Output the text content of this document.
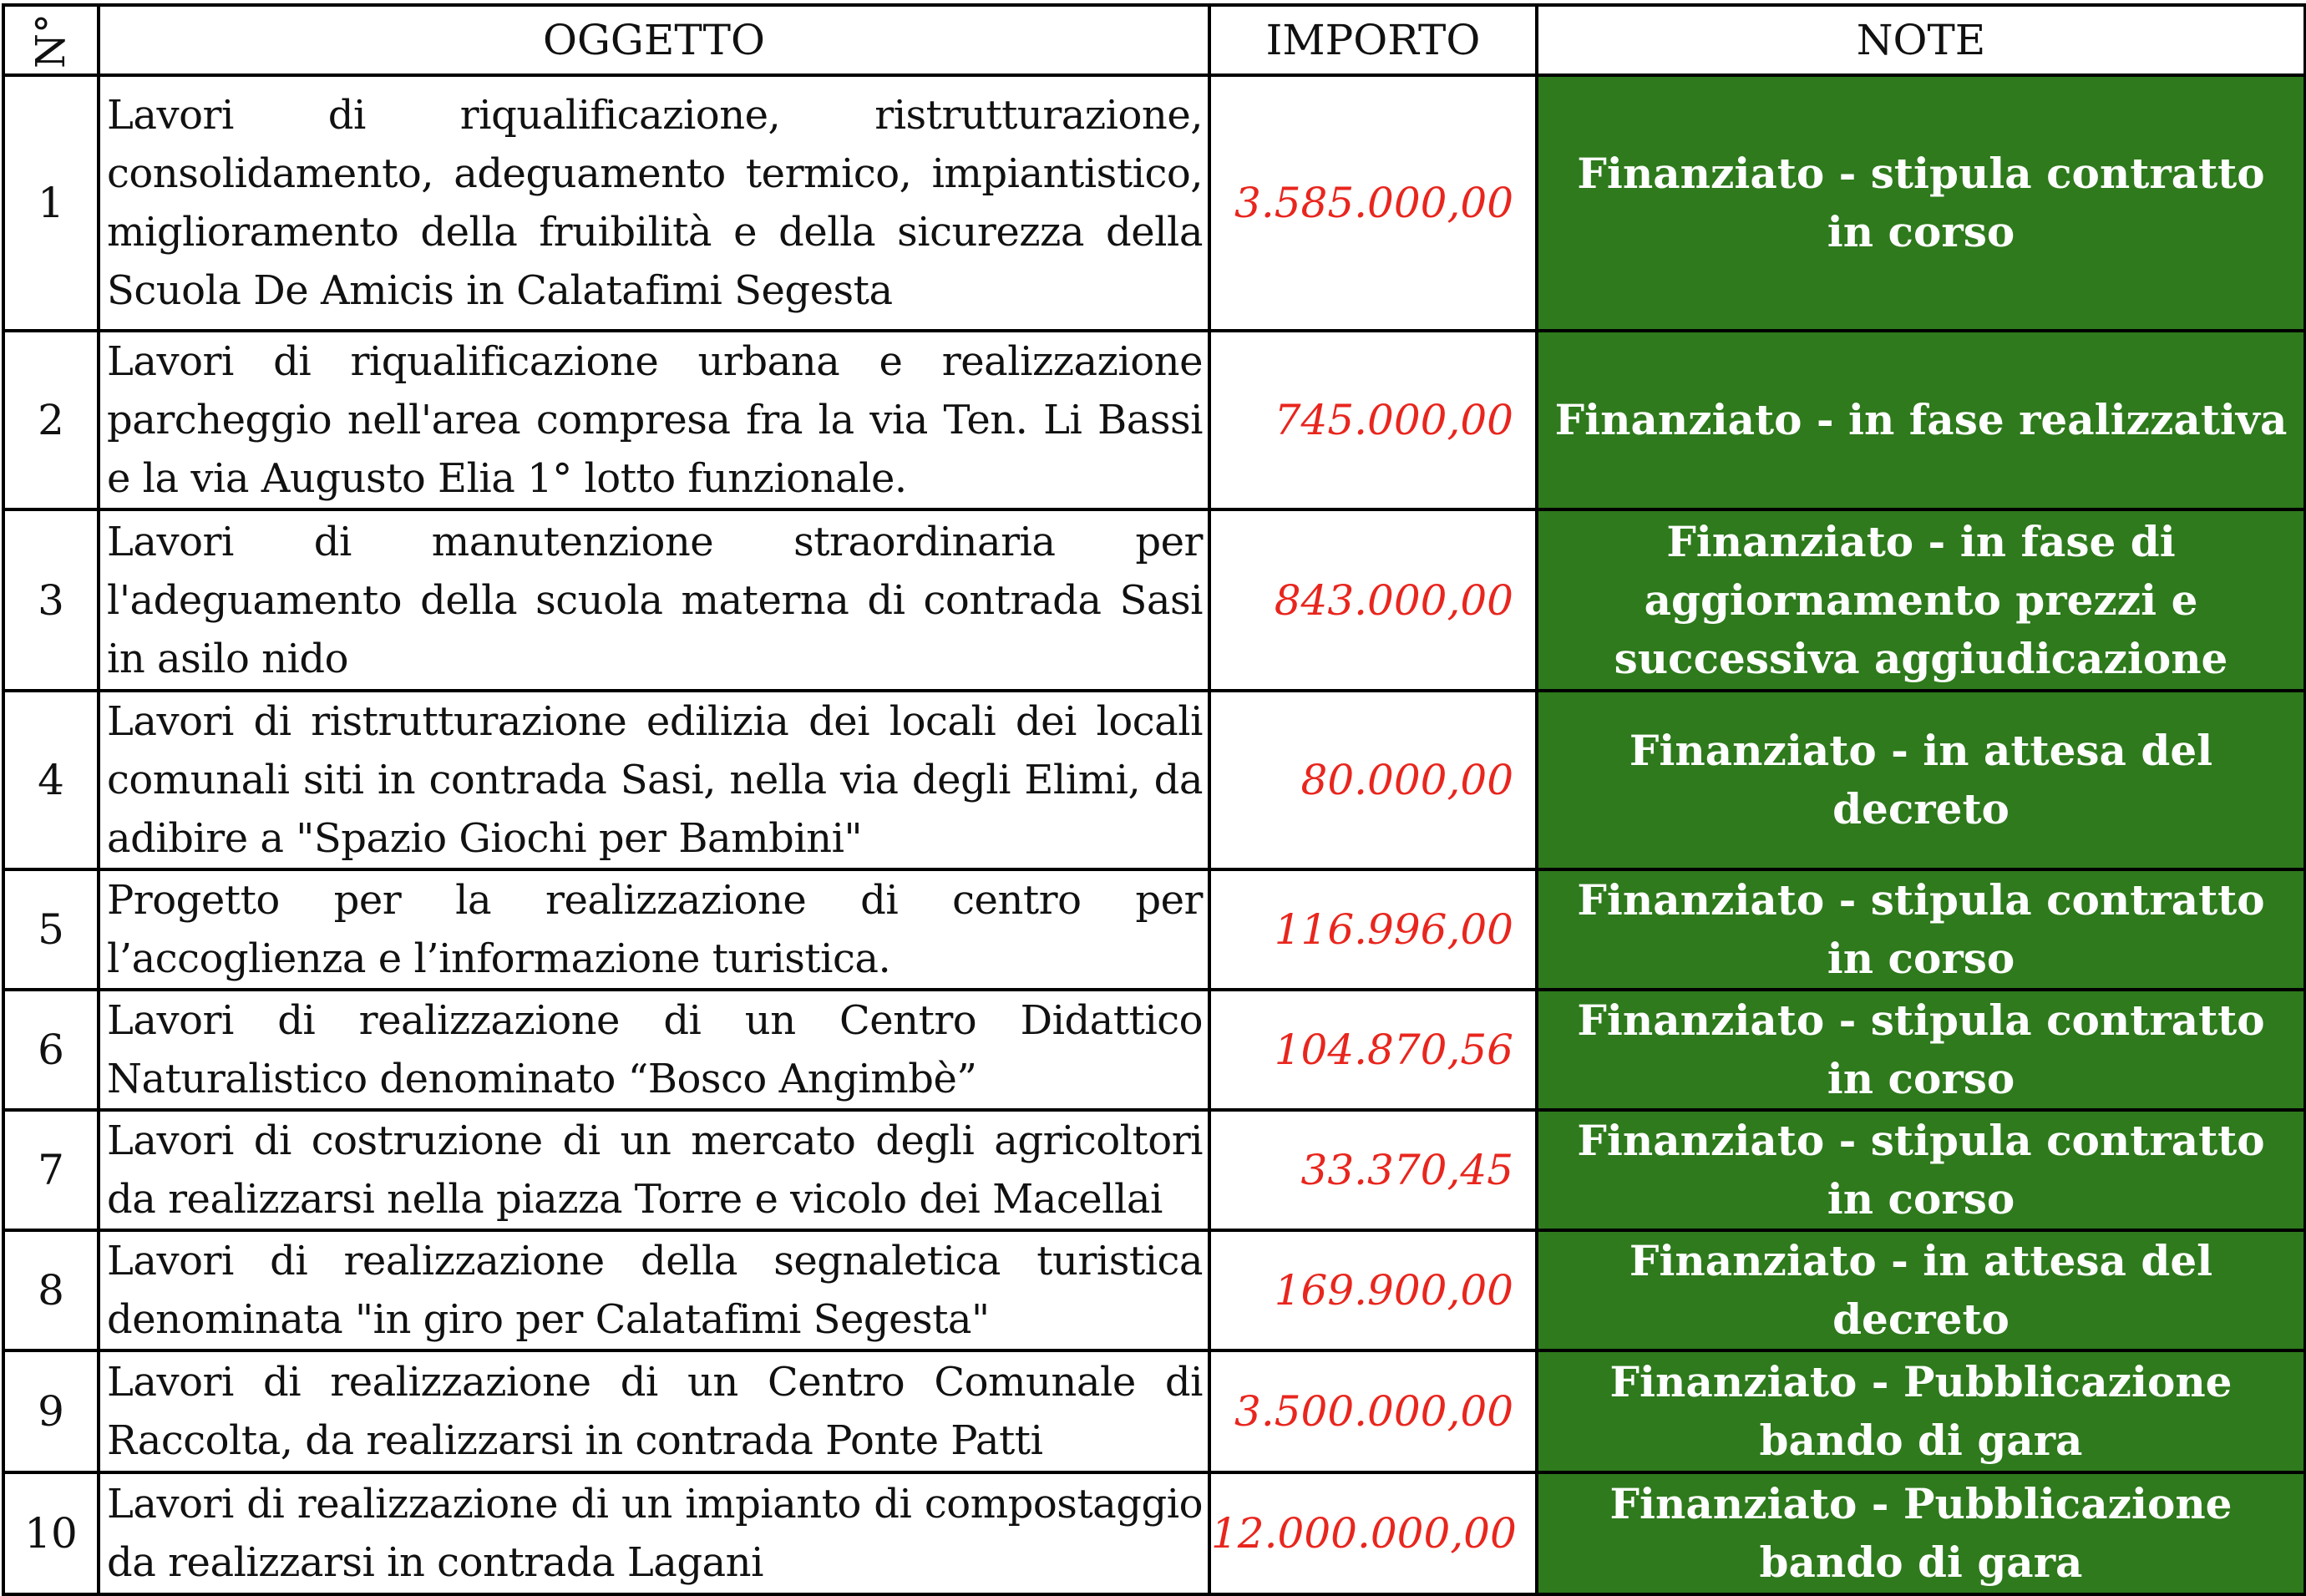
N°	OGGETTO	IMPORTO	NOTE
1	Lavori di riqualificazione, ristrutturazione, consolidamento, adeguamento termico, impiantistico, miglioramento della fruibilità e della sicurezza della Scuola De Amicis in Calatafimi Segesta	3.585.000,00	Finanziato - stipula contratto in corso
2	Lavori di riqualificazione urbana e realizzazione parcheggio nell'area compresa fra la via Ten. Li Bassi e la via Augusto Elia 1° lotto funzionale.	745.000,00	Finanziato - in fase realizzativa
3	Lavori di manutenzione straordinaria per l'adeguamento della scuola materna di contrada Sasi in asilo nido	843.000,00	Finanziato - in fase di aggiornamento prezzi e successiva aggiudicazione
4	Lavori di ristrutturazione edilizia dei locali dei locali comunali siti in contrada Sasi, nella via degli Elimi, da adibire a "Spazio Giochi per Bambini"	80.000,00	Finanziato - in attesa del decreto
5	Progetto per la realizzazione di centro per l’accoglienza e l’informazione turistica.	116.996,00	Finanziato - stipula contratto in corso
6	Lavori di realizzazione di un Centro Didattico Naturalistico denominato “Bosco Angimbè”	104.870,56	Finanziato - stipula contratto in corso
7	Lavori di costruzione di un mercato degli agricoltori da realizzarsi nella piazza Torre e vicolo dei Macellai	33.370,45	Finanziato - stipula contratto in corso
8	Lavori di realizzazione della segnaletica turistica denominata "in giro per Calatafimi Segesta"	169.900,00	Finanziato - in attesa del decreto
9	Lavori di realizzazione di un Centro Comunale di Raccolta, da realizzarsi in contrada Ponte Patti	3.500.000,00	Finanziato - Pubblicazione bando di gara
10	Lavori di realizzazione di un impianto di compostaggio da realizzarsi in contrada Lagani	12.000.000,00	Finanziato - Pubblicazione bando di gara
